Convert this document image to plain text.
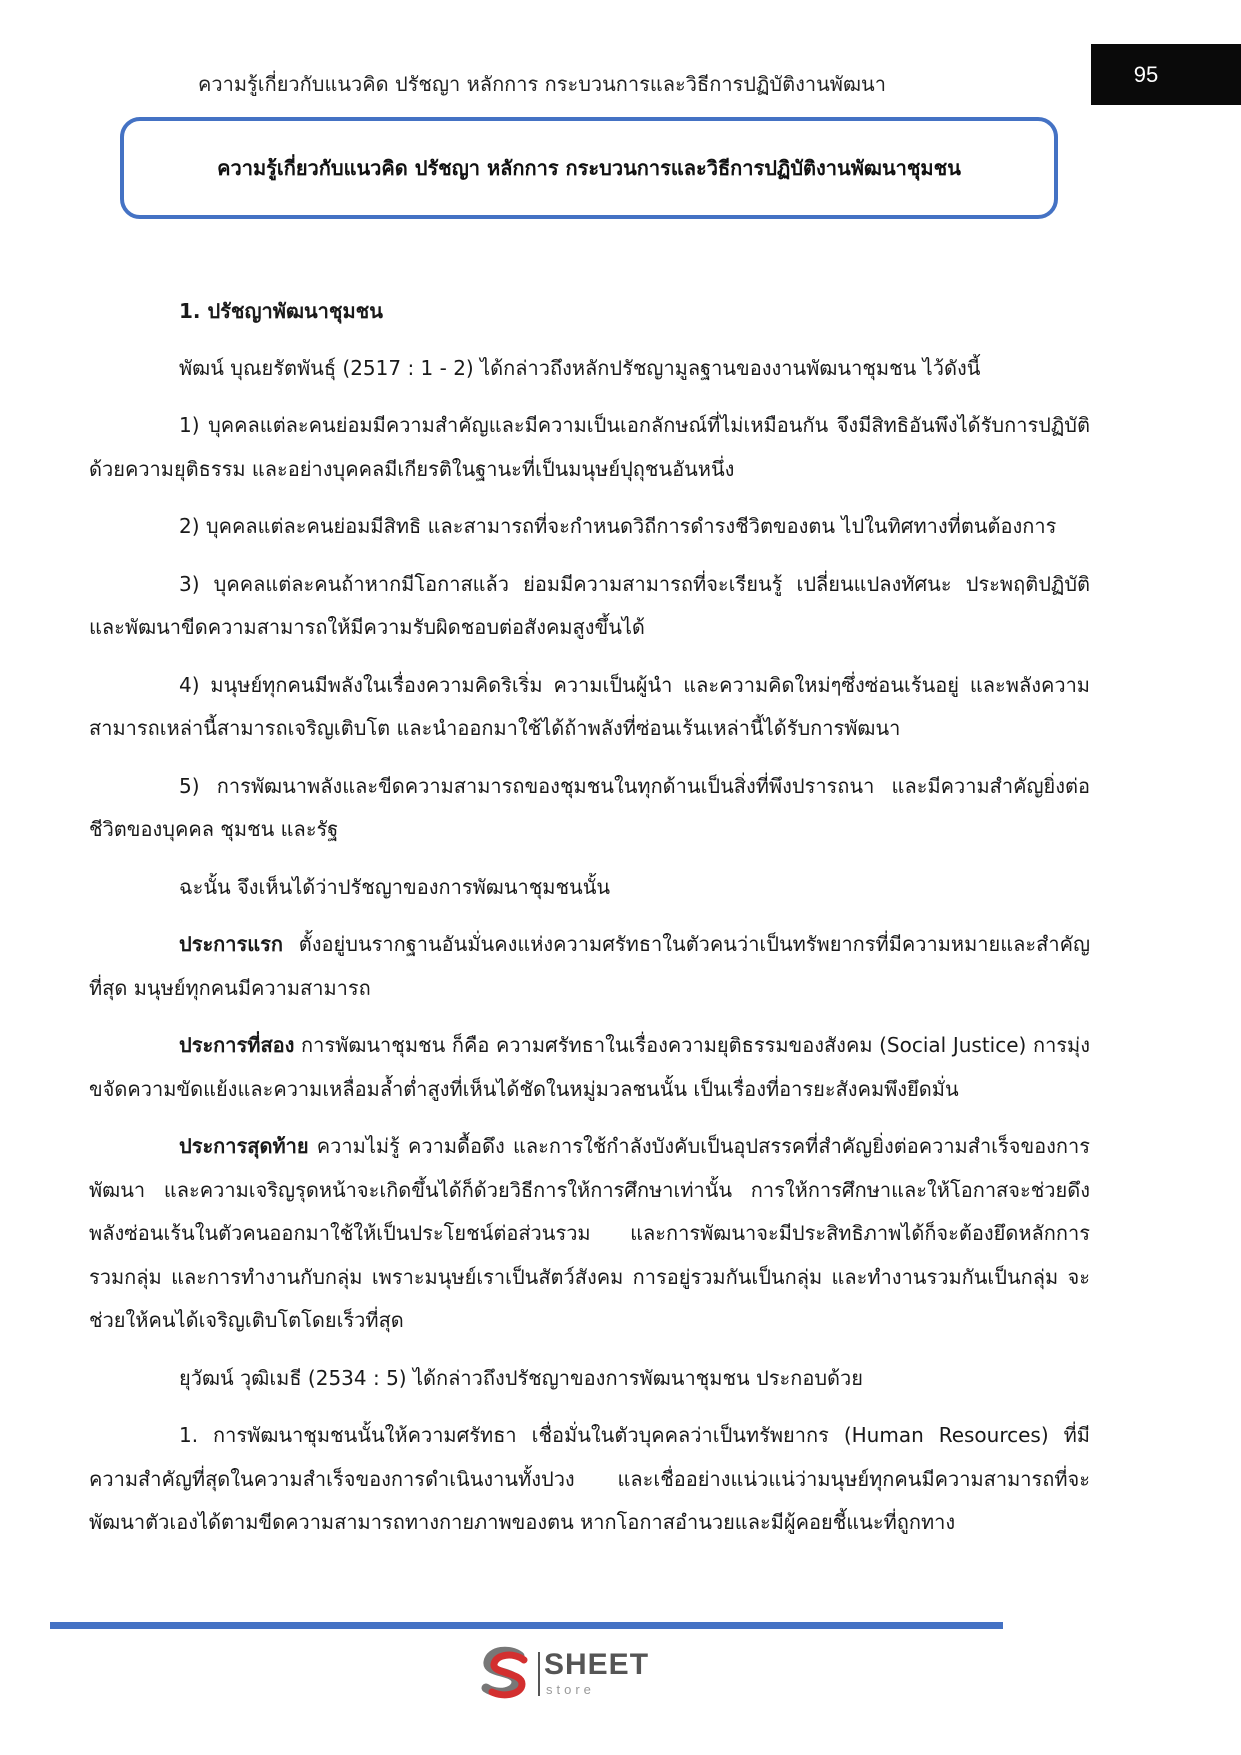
ความรู้เกี่ยวกับแนวคิด ปรัชญา หลักการ กระบวนการและวิธีการปฏิบัติงานพัฒนา	95
ความรู้เกี่ยวกับแนวคิด ปรัชญา หลักการ กระบวนการและวิธีการปฏิบัติงานพัฒนาชุมชน

1. ปรัชญาพัฒนาชุมชน

พัฒน์ บุณยรัตพันธุ์ (2517 : 1 - 2) ได้กล่าวถึงหลักปรัชญามูลฐานของงานพัฒนาชุมชน ไว้ดังนี้

1) บุคคลแต่ละคนย่อมมีความสำคัญและมีความเป็นเอกลักษณ์ที่ไม่เหมือนกัน จึงมีสิทธิอันพึงได้รับการปฏิบัติด้วยความยุติธรรม และอย่างบุคคลมีเกียรติในฐานะที่เป็นมนุษย์ปุถุชนอันหนึ่ง

2) บุคคลแต่ละคนย่อมมีสิทธิ และสามารถที่จะกำหนดวิถีการดำรงชีวิตของตน ไปในทิศทางที่ตนต้องการ

3) บุคคลแต่ละคนถ้าหากมีโอกาสแล้ว ย่อมมีความสามารถที่จะเรียนรู้ เปลี่ยนแปลงทัศนะ ประพฤติปฏิบัติและพัฒนาขีดความสามารถให้มีความรับผิดชอบต่อสังคมสูงขึ้นได้

4) มนุษย์ทุกคนมีพลังในเรื่องความคิดริเริ่ม ความเป็นผู้นำ และความคิดใหม่ๆซึ่งซ่อนเร้นอยู่ และพลังความสามารถเหล่านี้สามารถเจริญเติบโต และนำออกมาใช้ได้ถ้าพลังที่ซ่อนเร้นเหล่านี้ได้รับการพัฒนา

5) การพัฒนาพลังและขีดความสามารถของชุมชนในทุกด้านเป็นสิ่งที่พึงปรารถนา และมีความสำคัญยิ่งต่อชีวิตของบุคคล ชุมชน และรัฐ

ฉะนั้น จึงเห็นได้ว่าปรัชญาของการพัฒนาชุมชนนั้น

ประการแรก ตั้งอยู่บนรากฐานอันมั่นคงแห่งความศรัทธาในตัวคนว่าเป็นทรัพยากรที่มีความหมายและสำคัญที่สุด มนุษย์ทุกคนมีความสามารถ

ประการที่สอง การพัฒนาชุมชน ก็คือ ความศรัทธาในเรื่องความยุติธรรมของสังคม (Social Justice) การมุ่งขจัดความขัดแย้งและความเหลื่อมล้ำต่ำสูงที่เห็นได้ชัดในหมู่มวลชนนั้น เป็นเรื่องที่อารยะสังคมพึงยึดมั่น

ประการสุดท้าย ความไม่รู้ ความดื้อดึง และการใช้กำลังบังคับเป็นอุปสรรคที่สำคัญยิ่งต่อความสำเร็จของการพัฒนา และความเจริญรุดหน้าจะเกิดขึ้นได้ก็ด้วยวิธีการให้การศึกษาเท่านั้น การให้การศึกษาและให้โอกาสจะช่วยดึงพลังซ่อนเร้นในตัวคนออกมาใช้ให้เป็นประโยชน์ต่อส่วนรวม และการพัฒนาจะมีประสิทธิภาพได้ก็จะต้องยึดหลักการรวมกลุ่ม และการทำงานกับกลุ่ม เพราะมนุษย์เราเป็นสัตว์สังคม การอยู่รวมกันเป็นกลุ่ม และทำงานรวมกันเป็นกลุ่ม จะช่วยให้คนได้เจริญเติบโตโดยเร็วที่สุด

ยุวัฒน์ วุฒิเมธี (2534 : 5) ได้กล่าวถึงปรัชญาของการพัฒนาชุมชน ประกอบด้วย

1. การพัฒนาชุมชนนั้นให้ความศรัทธา เชื่อมั่นในตัวบุคคลว่าเป็นทรัพยากร (Human Resources) ที่มีความสำคัญที่สุดในความสำเร็จของการดำเนินงานทั้งปวง และเชื่ออย่างแน่วแน่ว่ามนุษย์ทุกคนมีความสามารถที่จะพัฒนาตัวเองได้ตามขีดความสามารถทางกายภาพของตน หากโอกาสอำนวยและมีผู้คอยชี้แนะที่ถูกทาง

SHEET
store
